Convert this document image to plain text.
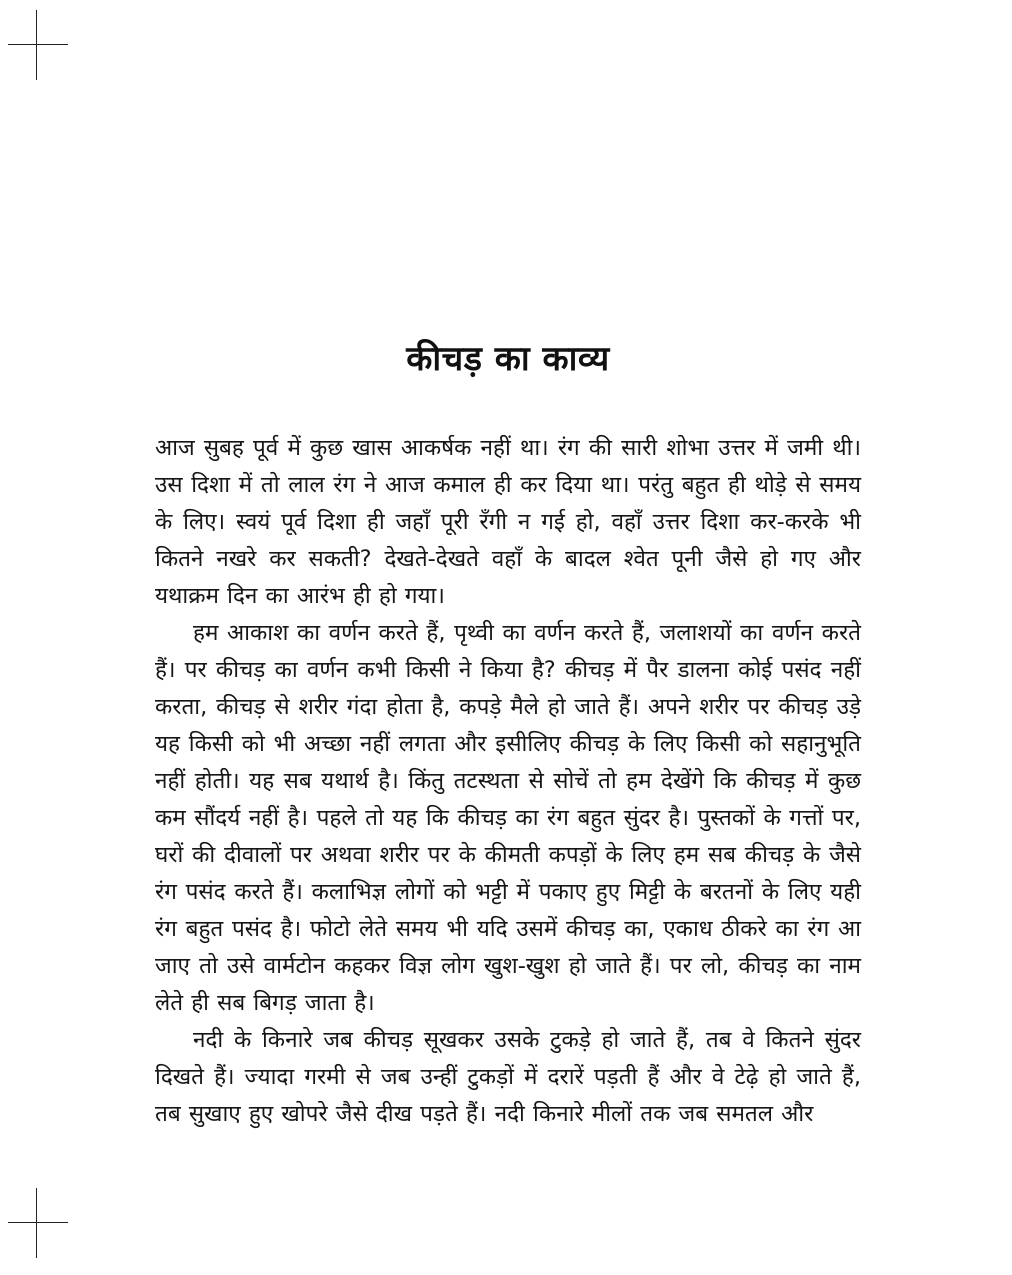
कीचड़ का काव्य

आज सुबह पूर्व में कुछ खास आकर्षक नहीं था। रंग की सारी शोभा उत्तर में जमी थी। उस दिशा में तो लाल रंग ने आज कमाल ही कर दिया था। परंतु बहुत ही थोड़े से समय के लिए। स्वयं पूर्व दिशा ही जहाँ पूरी रँगी न गई हो, वहाँ उत्तर दिशा कर-करके भी कितने नखरे कर सकती? देखते-देखते वहाँ के बादल श्वेत पूनी जैसे हो गए और यथाक्रम दिन का आरंभ ही हो गया।

हम आकाश का वर्णन करते हैं, पृथ्वी का वर्णन करते हैं, जलाशयों का वर्णन करते हैं। पर कीचड़ का वर्णन कभी किसी ने किया है? कीचड़ में पैर डालना कोई पसंद नहीं करता, कीचड़ से शरीर गंदा होता है, कपड़े मैले हो जाते हैं। अपने शरीर पर कीचड़ उड़े यह किसी को भी अच्छा नहीं लगता और इसीलिए कीचड़ के लिए किसी को सहानुभूति नहीं होती। यह सब यथार्थ है। किंतु तटस्थता से सोचें तो हम देखेंगे कि कीचड़ में कुछ कम सौंदर्य नहीं है। पहले तो यह कि कीचड़ का रंग बहुत सुंदर है। पुस्तकों के गत्तों पर, घरों की दीवालों पर अथवा शरीर पर के कीमती कपड़ों के लिए हम सब कीचड़ के जैसे रंग पसंद करते हैं। कलाभिज्ञ लोगों को भट्टी में पकाए हुए मिट्टी के बरतनों के लिए यही रंग बहुत पसंद है। फोटो लेते समय भी यदि उसमें कीचड़ का, एकाध ठीकरे का रंग आ जाए तो उसे वार्मटोन कहकर विज्ञ लोग खुश-खुश हो जाते हैं। पर लो, कीचड़ का नाम लेते ही सब बिगड़ जाता है।

नदी के किनारे जब कीचड़ सूखकर उसके टुकड़े हो जाते हैं, तब वे कितने सुंदर दिखते हैं। ज्यादा गरमी से जब उन्हीं टुकड़ों में दरारें पड़ती हैं और वे टेढ़े हो जाते हैं, तब सुखाए हुए खोपरे जैसे दीख पड़ते हैं। नदी किनारे मीलों तक जब समतल और
